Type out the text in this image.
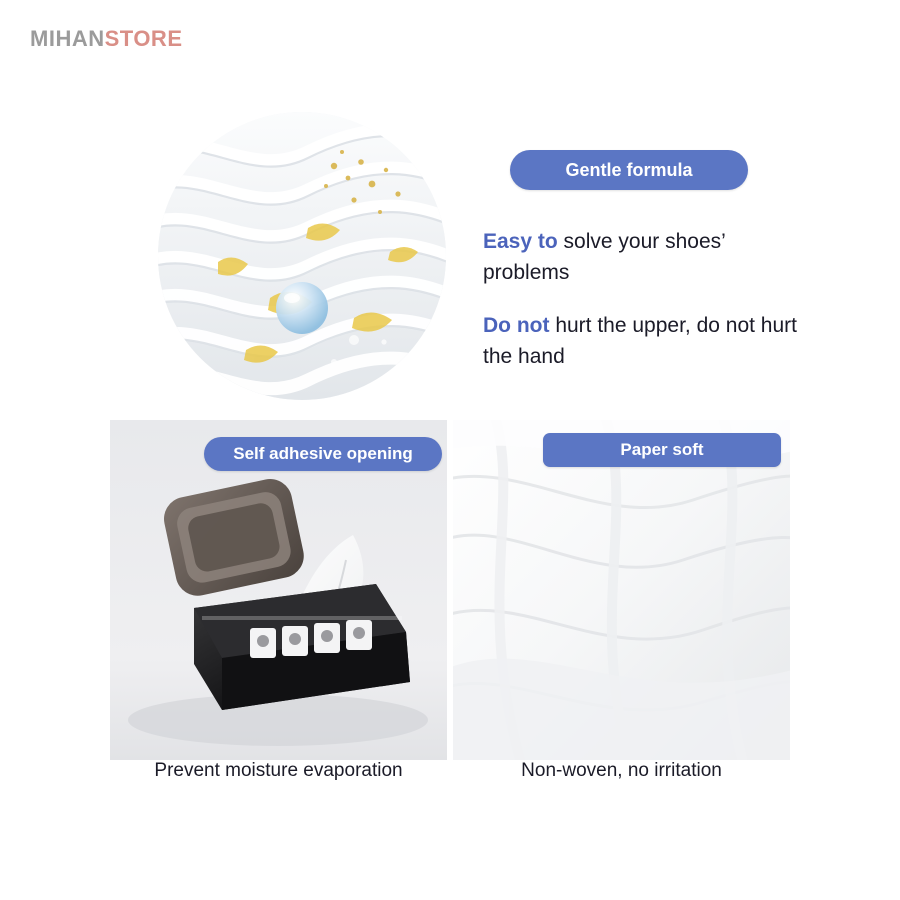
MIHANSTORE
Gentle formula
Easy to solve your shoes’ problems
Do not hurt the upper, do not hurt the hand
Self adhesive opening	Paper soft
Prevent moisture evaporation	Non-woven, no irritation
